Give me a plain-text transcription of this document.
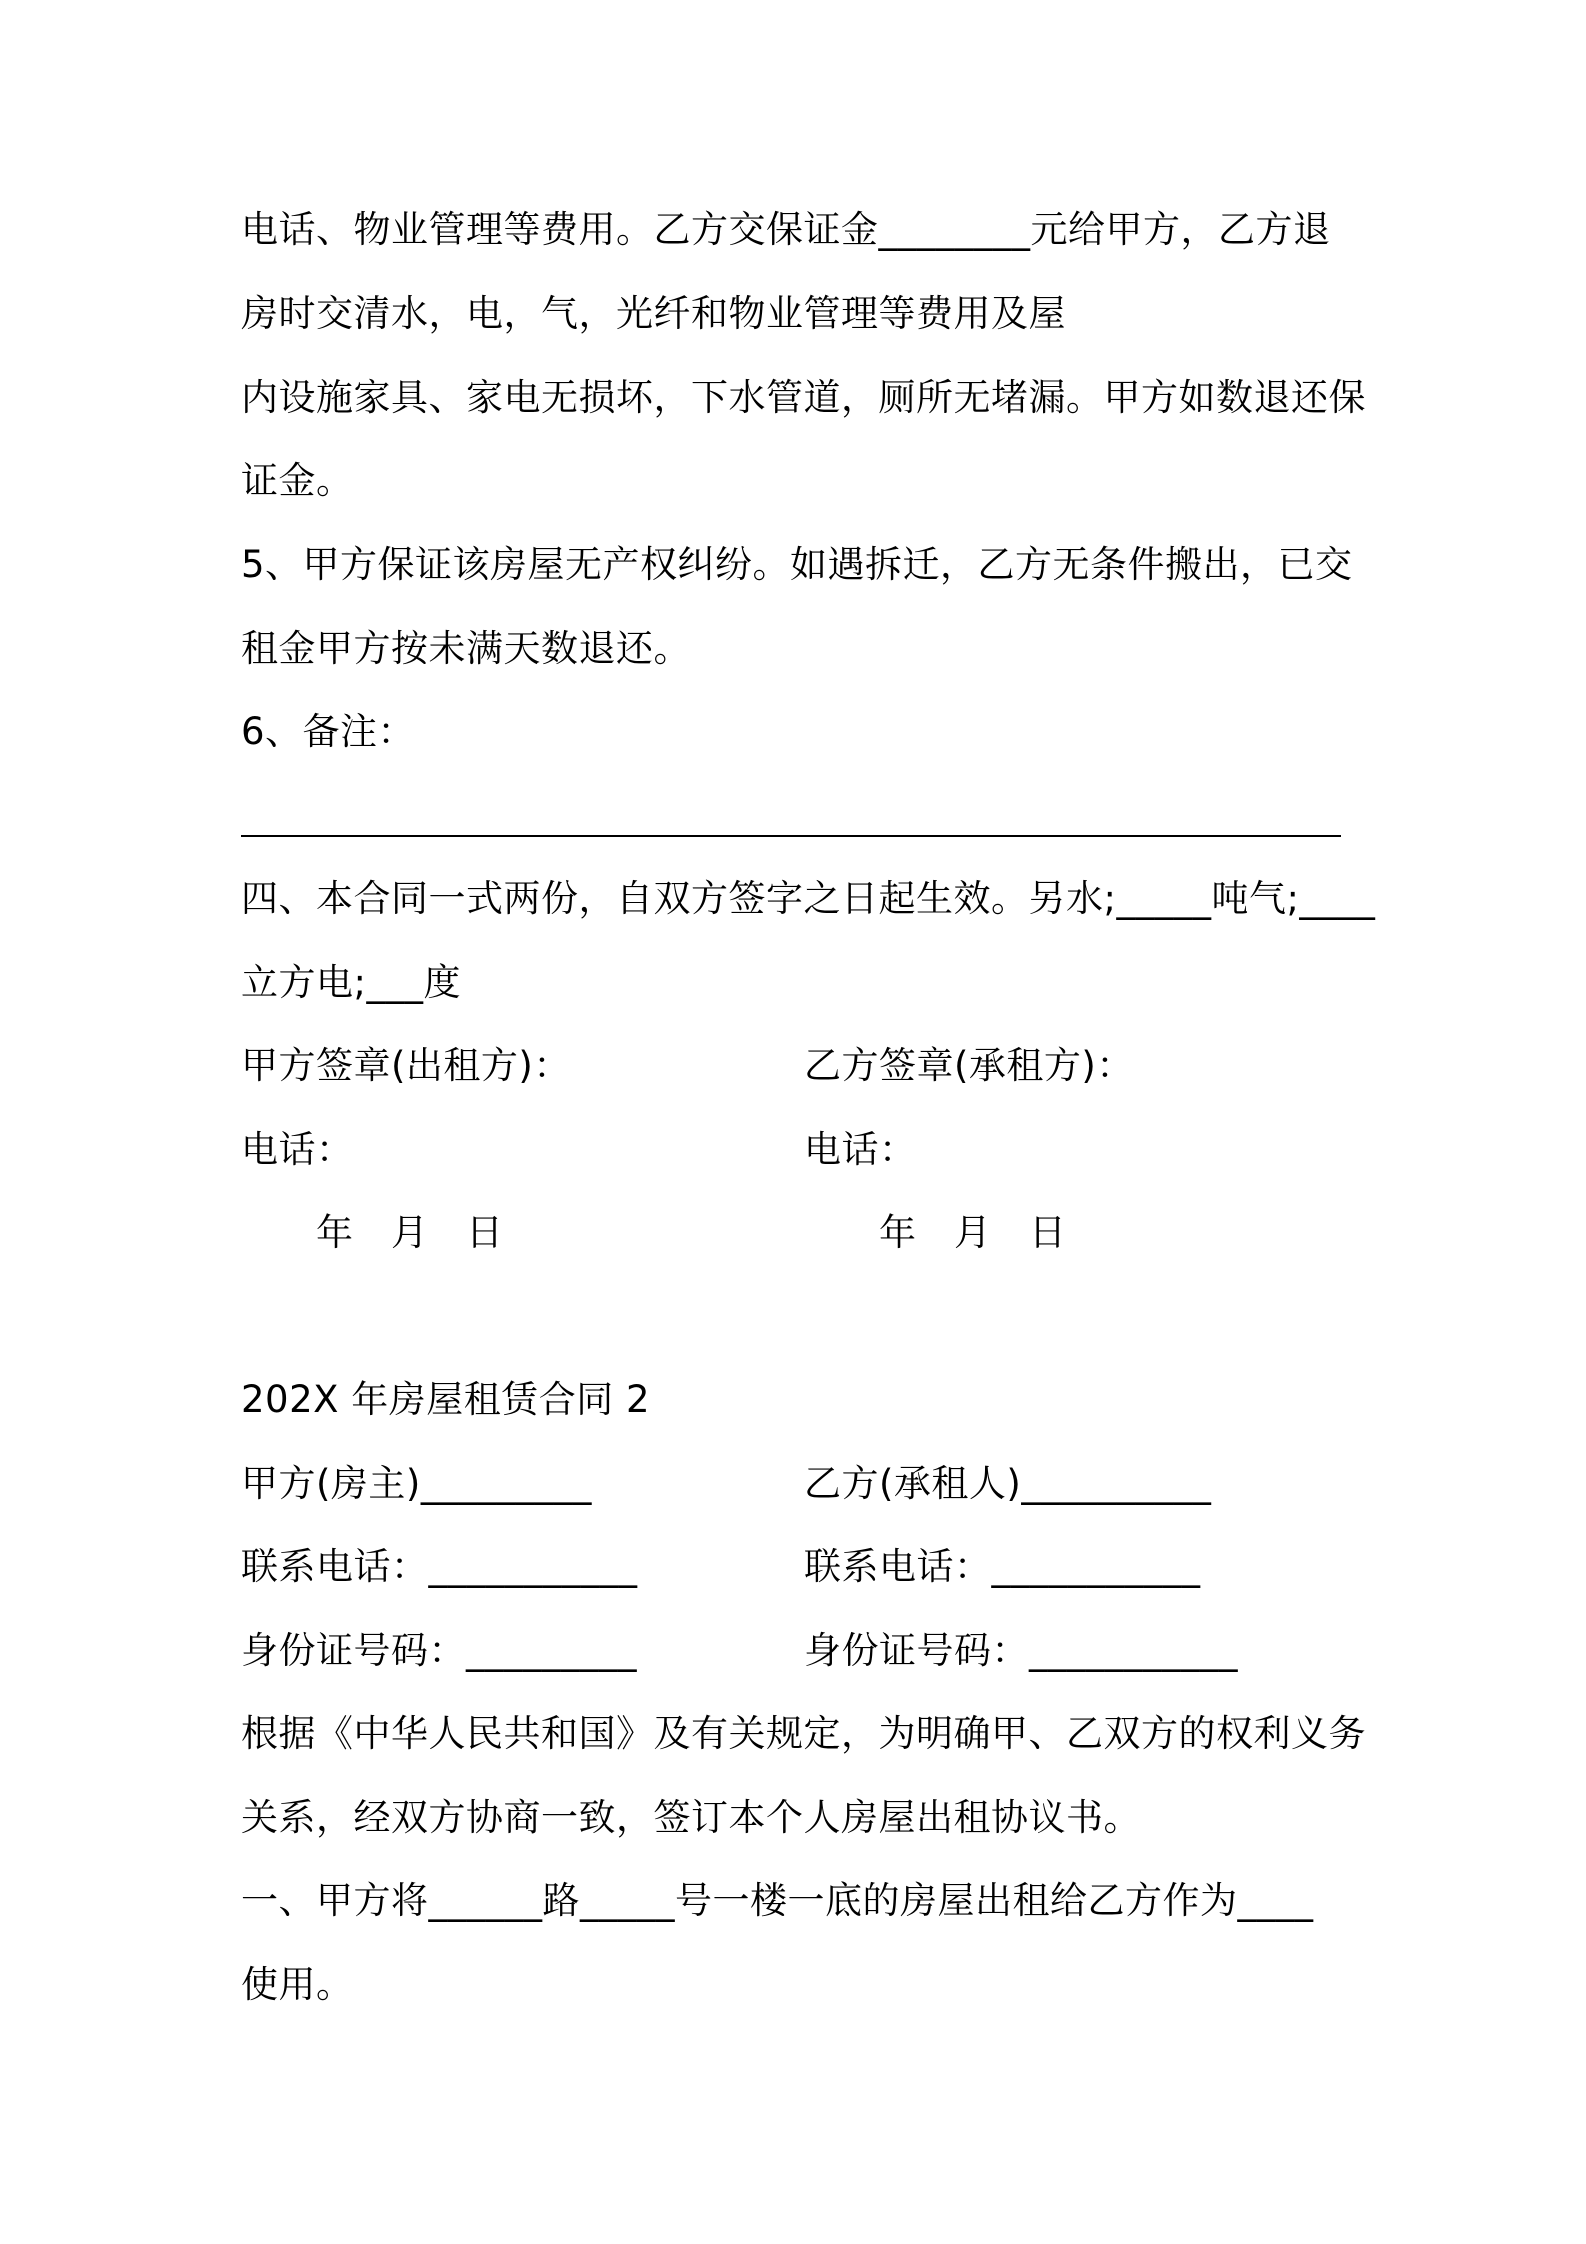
电话、物业管理等费用。乙方交保证金________元给甲方，乙方退
房时交清水，电，气，光纤和物业管理等费用及屋
内设施家具、家电无损坏，下水管道，厕所无堵漏。甲方如数退还保
证金。
5、甲方保证该房屋无产权纠纷。如遇拆迁，乙方无条件搬出，已交
租金甲方按未满天数退还。
6、备注：
四、本合同一式两份，自双方签字之日起生效。另水;_____吨气;____
立方电;___度
甲方签章(出租方)：	乙方签章(承租方)：
电话：	电话：
年　月　日	年　月　日
202X 年房屋租赁合同 2
甲方(房主)_________	乙方(承租人)__________
联系电话：___________	联系电话：___________
身份证号码：_________	身份证号码：___________
根据《中华人民共和国》及有关规定，为明确甲、乙双方的权利义务
关系，经双方协商一致，签订本个人房屋出租协议书。
一、甲方将______路_____号一楼一底的房屋出租给乙方作为____
使用。
